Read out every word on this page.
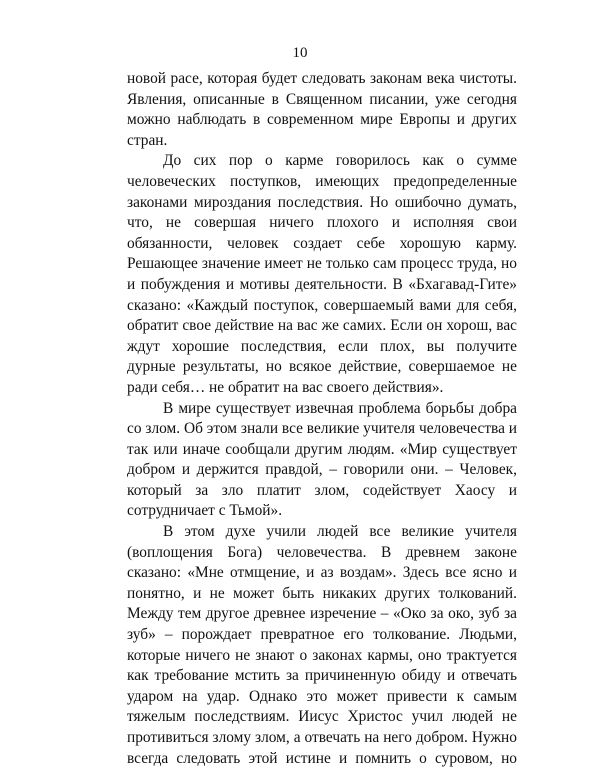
10
новой расе, которая будет следовать законам века чистоты.
Явления, описанные в Священном писании, уже сегодня
можно наблюдать в современном мире Европы и других
стран.
До сих пор о карме говорилось как о сумме
человеческих поступков, имеющих предопределенные
законами мироздания последствия. Но ошибочно думать,
что, не совершая ничего плохого и исполняя свои
обязанности, человек создает себе хорошую карму.
Решающее значение имеет не только сам процесс труда, но
и побуждения и мотивы деятельности. В «Бхагавад-Гите»
сказано: «Каждый поступок, совершаемый вами для себя,
обратит свое действие на вас же самих. Если он хорош, вас
ждут хорошие последствия, если плох, вы получите
дурные результаты, но всякое действие, совершаемое не
ради себя… не обратит на вас своего действия».
В мире существует извечная проблема борьбы добра
со злом. Об этом знали все великие учителя человечества и
так или иначе сообщали другим людям. «Мир существует
добром и держится правдой, – говорили они. – Человек,
который за зло платит злом, содействует Хаосу и
сотрудничает с Тьмой».
В этом духе учили людей все великие учителя
(воплощения Бога) человечества. В древнем законе
сказано: «Мне отмщение, и аз воздам». Здесь все ясно и
понятно, и не может быть никаких других толкований.
Между тем другое древнее изречение – «Око за око, зуб за
зуб» – порождает превратное его толкование. Людьми,
которые ничего не знают о законах кармы, оно трактуется
как требование мстить за причиненную обиду и отвечать
ударом на удар. Однако это может привести к самым
тяжелым последствиям. Иисус Христос учил людей не
противиться злому злом, а отвечать на него добром. Нужно
всегда следовать этой истине и помнить о суровом, но
